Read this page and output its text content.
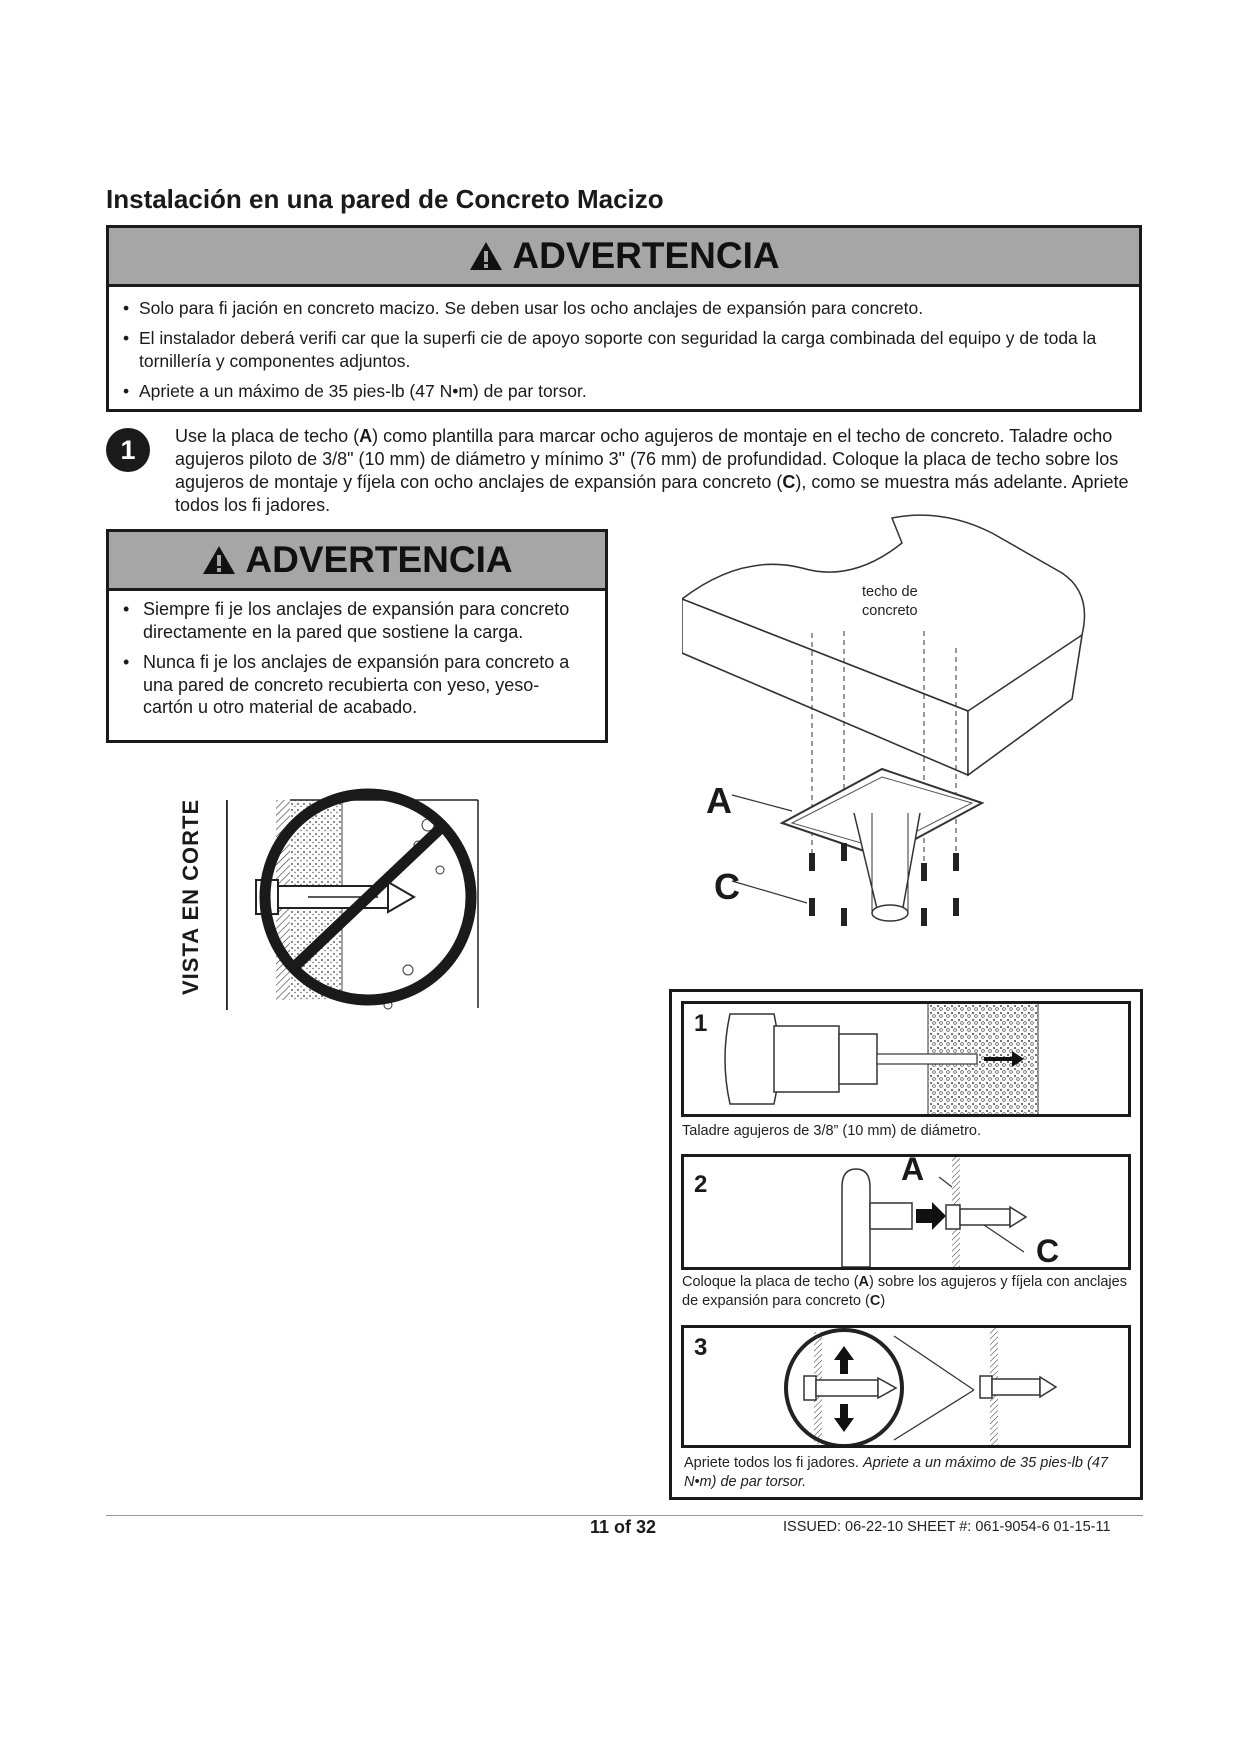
Instalación en una pared de Concreto Macizo
ADVERTENCIA
• Solo para fi jación en concreto macizo. Se deben usar los ocho anclajes de expansión para concreto.
• El instalador deberá verifi car que la superfi cie de apoyo soporte con seguridad la carga combinada del equipo y de toda la tornillería y componentes adjuntos.
• Apriete a un máximo de 35 pies-lb (47 N•m) de par torsor.
1	Use la placa de techo (A) como plantilla para marcar ocho agujeros de montaje en el techo de concreto. Taladre ocho agujeros piloto de 3/8" (10 mm) de diámetro y mínimo 3" (76 mm) de profundidad. Coloque la placa de techo sobre los agujeros de montaje y fíjela con ocho anclajes de expansión para concreto (C), como se muestra más adelante. Apriete todos los fi jadores.
ADVERTENCIA
• Siempre fi je los anclajes de expansión para concreto directamente en la pared que sostiene la carga.
• Nunca fi je los anclajes de expansión para concreto a una pared de concreto recubierta con yeso, yeso-cartón u otro material de acabado.
VISTA EN CORTE
techo de
concreto
A
C
1
Taladre agujeros de 3/8” (10 mm) de diámetro.
2	A
C
Coloque la placa de techo (A) sobre los agujeros y fíjela con anclajes de expansión para concreto (C)
3
Apriete todos los fi jadores. Apriete a un máximo de 35 pies-lb (47 N•m) de par torsor.
11 of 32	ISSUED: 06-22-10 SHEET #: 061-9054-6 01-15-11
